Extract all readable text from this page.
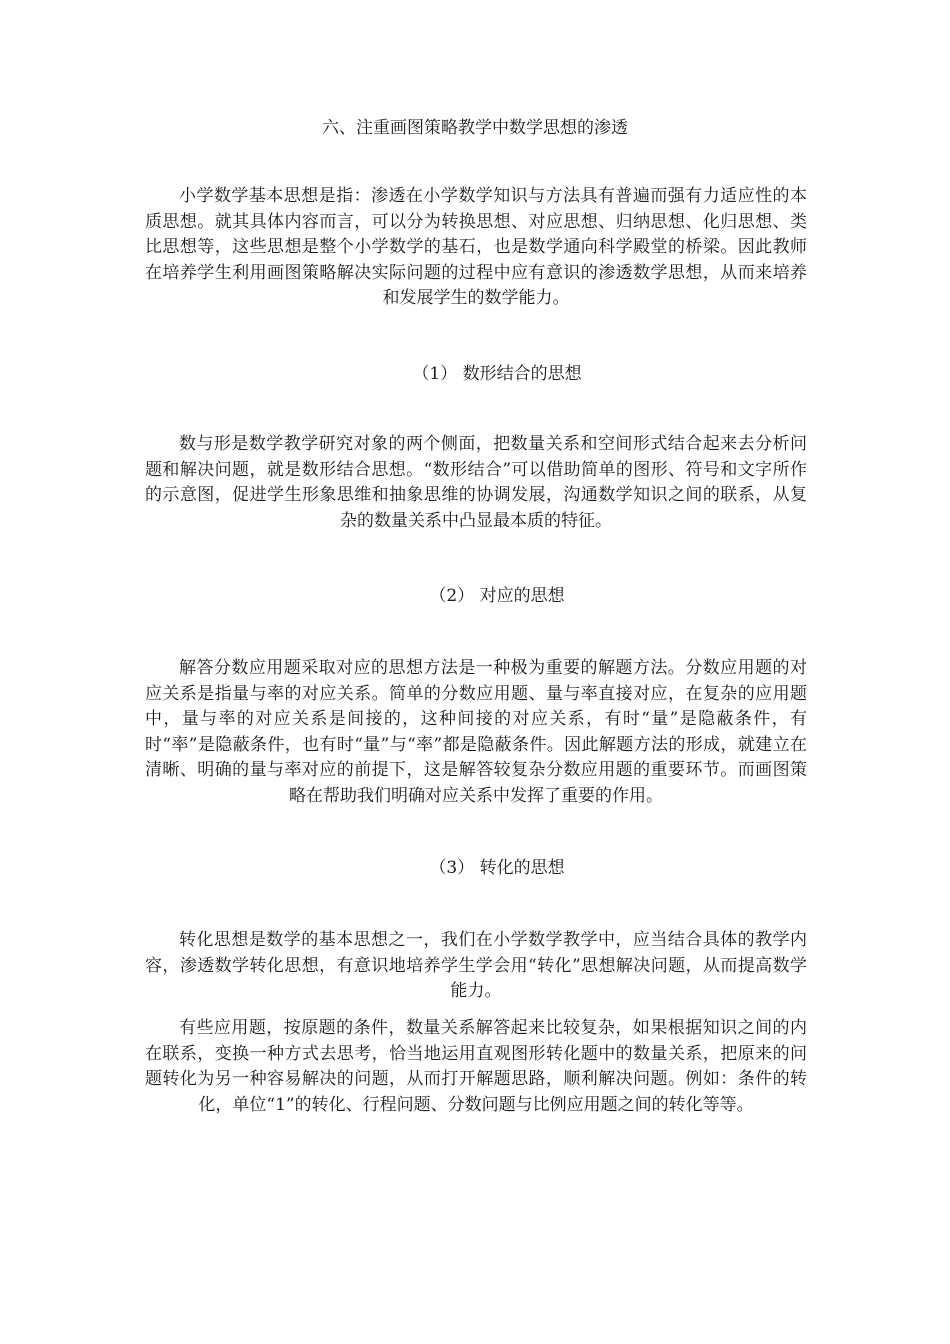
六、注重画图策略教学中数学思想的渗透

小学数学基本思想是指：渗透在小学数学知识与方法具有普遍而强有力适应性的本质思想。就其具体内容而言，可以分为转换思想、对应思想、归纳思想、化归思想、类比思想等，这些思想是整个小学数学的基石，也是数学通向科学殿堂的桥梁。因此教师在培养学生利用画图策略解决实际问题的过程中应有意识的渗透数学思想，从而来培养和发展学生的数学能力。

（1） 数形结合的思想

数与形是数学教学研究对象的两个侧面，把数量关系和空间形式结合起来去分析问题和解决问题，就是数形结合思想。“数形结合”可以借助简单的图形、符号和文字所作的示意图，促进学生形象思维和抽象思维的协调发展，沟通数学知识之间的联系，从复杂的数量关系中凸显最本质的特征。

（2） 对应的思想

解答分数应用题采取对应的思想方法是一种极为重要的解题方法。分数应用题的对应关系是指量与率的对应关系。简单的分数应用题、量与率直接对应，在复杂的应用题中，量与率的对应关系是间接的，这种间接的对应关系，有时“量”是隐蔽条件，有时“率”是隐蔽条件，也有时“量”与“率”都是隐蔽条件。因此解题方法的形成，就建立在清晰、明确的量与率对应的前提下，这是解答较复杂分数应用题的重要环节。而画图策略在帮助我们明确对应关系中发挥了重要的作用。

（3） 转化的思想

转化思想是数学的基本思想之一，我们在小学数学教学中，应当结合具体的教学内容，渗透数学转化思想，有意识地培养学生学会用“转化”思想解决问题，从而提高数学能力。

有些应用题，按原题的条件，数量关系解答起来比较复杂，如果根据知识之间的内在联系，变换一种方式去思考，恰当地运用直观图形转化题中的数量关系，把原来的问题转化为另一种容易解决的问题，从而打开解题思路，顺利解决问题。例如：条件的转化，单位“1”的转化、行程问题、分数问题与比例应用题之间的转化等等。
